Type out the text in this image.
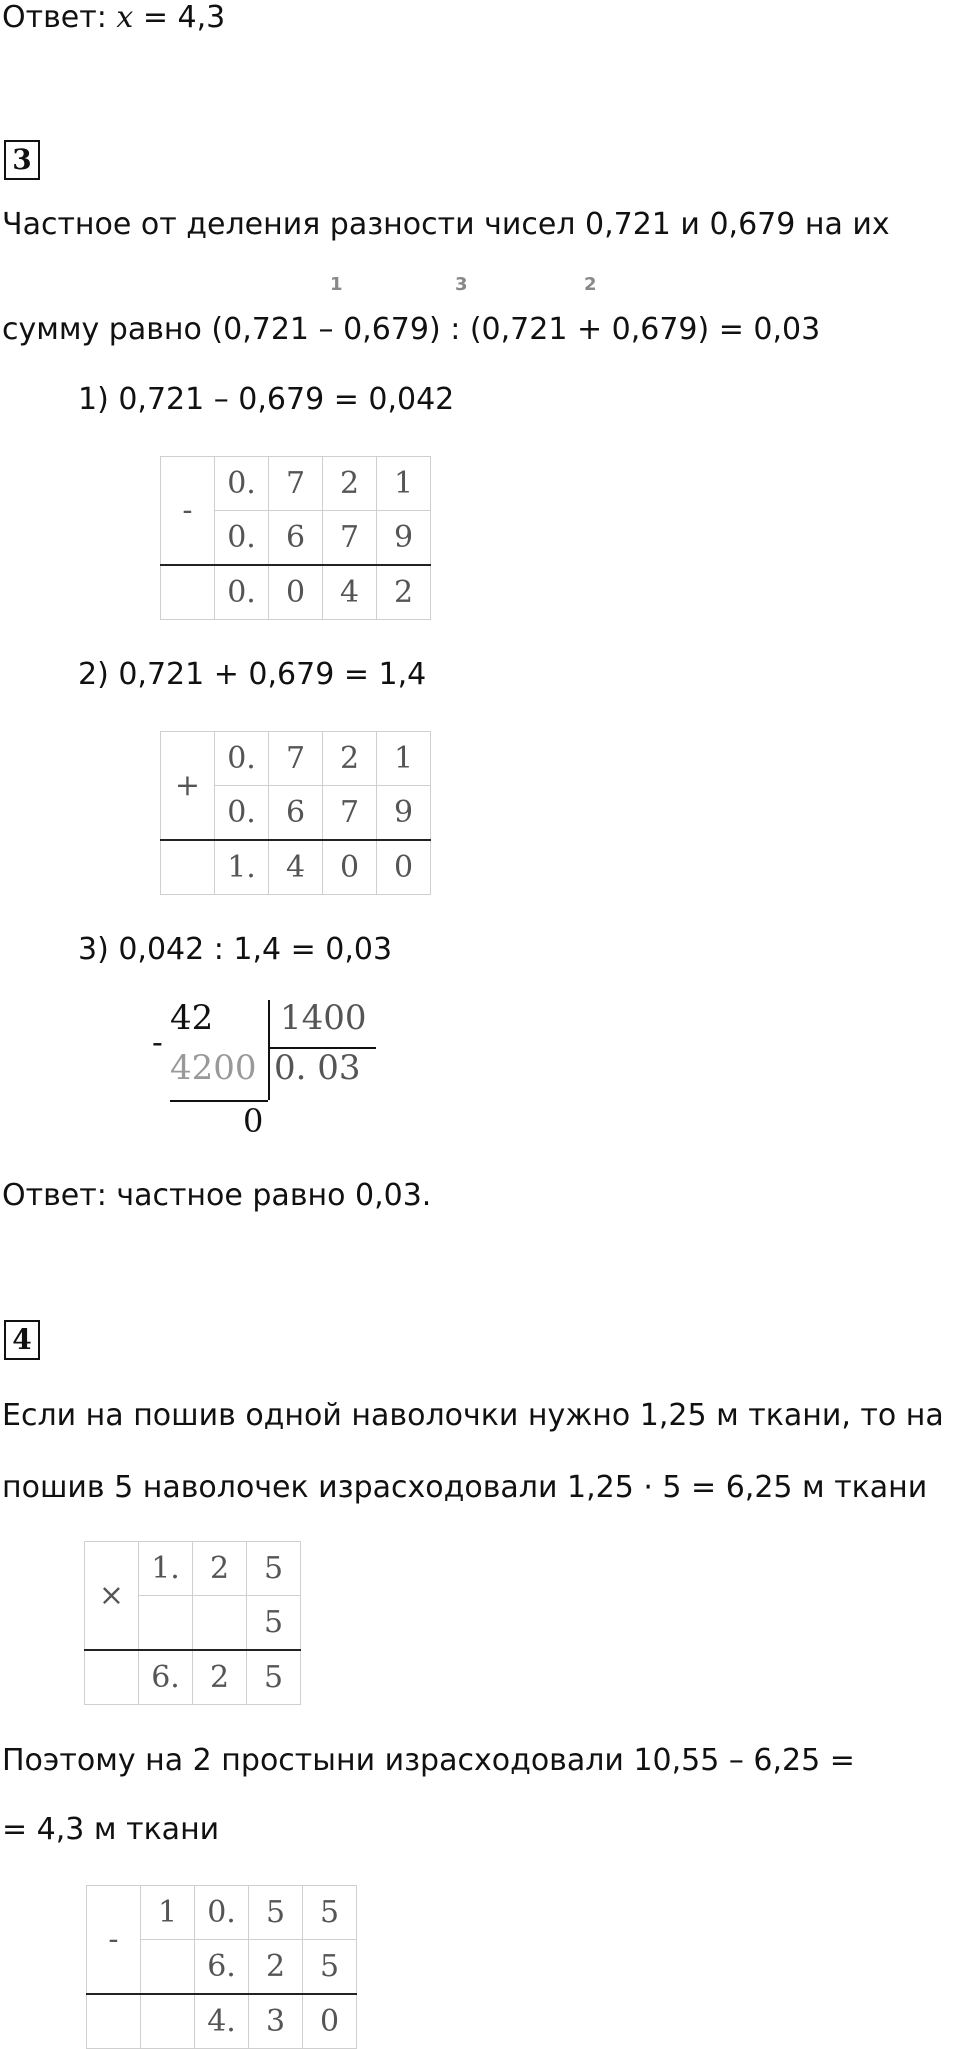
Ответ: x = 4,3
3
Частное от деления разности чисел 0,721 и 0,679 на их
1	3	2
сумму равно (0,721 – 0,679) : (0,721 + 0,679) = 0,03
1) 0,721 – 0,679 = 0,042
-	0.	7	2	1
	0.	6	7	9
	0.	0	4	2
2) 0,721 + 0,679 = 1,4
+	0.	7	2	1
	0.	6	7	9
	1.	4	0	0
3) 0,042 : 1,4 = 0,03
42 1400
-
4200 0. 03
0
Ответ: частное равно 0,03.
4
Если на пошив одной наволочки нужно 1,25 м ткани, то на
пошив 5 наволочек израсходовали 1,25 · 5 = 6,25 м ткани
×	1.	2	5
			5
	6.	2	5
Поэтому на 2 простыни израсходовали 10,55 – 6,25 =
= 4,3 м ткани
-	1	0.	5	5
		6.	2	5
		4.	3	0
